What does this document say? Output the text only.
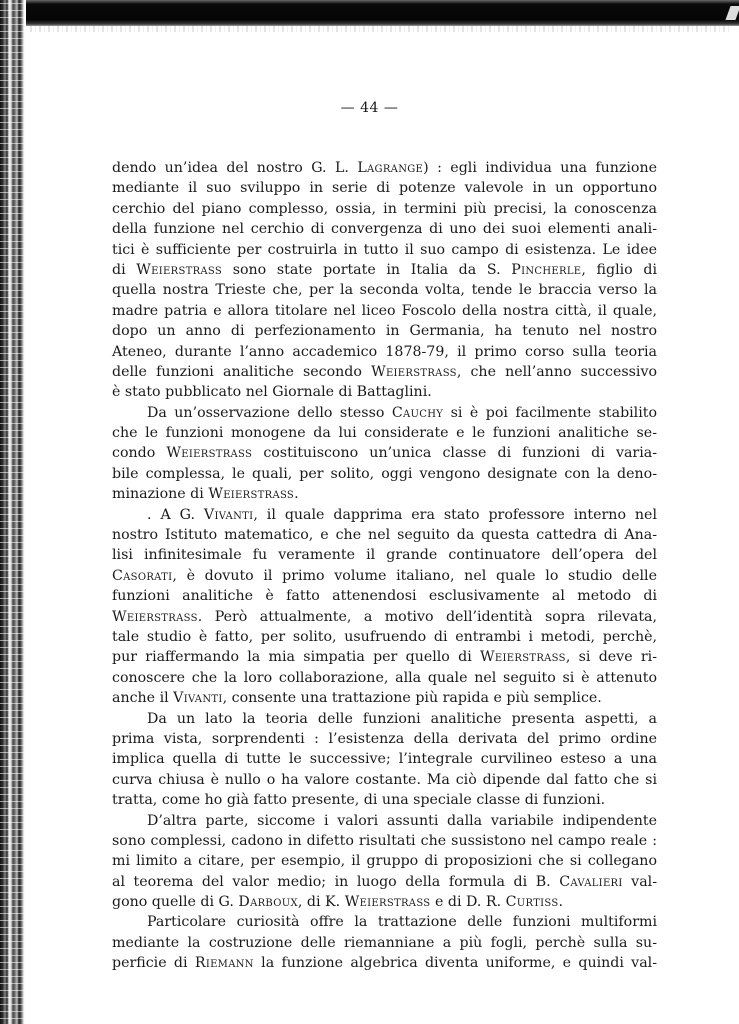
— 44 —
dendo un’idea del nostro G. L. Lagrange) : egli individua una funzione
mediante il suo sviluppo in serie di potenze valevole in un opportuno
cerchio del piano complesso, ossia, in termini più precisi, la conoscenza
della funzione nel cerchio di convergenza di uno dei suoi elementi anali-
tici è sufficiente per costruirla in tutto il suo campo di esistenza. Le idee
di Weierstrass sono state portate in Italia da S. Pincherle, figlio di
quella nostra Trieste che, per la seconda volta, tende le braccia verso la
madre patria e allora titolare nel liceo Foscolo della nostra città, il quale,
dopo un anno di perfezionamento in Germania, ha tenuto nel nostro
Ateneo, durante l’anno accademico 1878-79, il primo corso sulla teoria
delle funzioni analitiche secondo Weierstrass, che nell’anno successivo
è stato pubblicato nel Giornale di Battaglini.
Da un’osservazione dello stesso Cauchy si è poi facilmente stabilito
che le funzioni monogene da lui considerate e le funzioni analitiche se-
condo Weierstrass costituiscono un’unica classe di funzioni di varia-
bile complessa, le quali, per solito, oggi vengono designate con la deno-
minazione di Weierstrass.
. A G. Vivanti, il quale dapprima era stato professore interno nel
nostro Istituto matematico, e che nel seguito da questa cattedra di Ana-
lisi infinitesimale fu veramente il grande continuatore dell’opera del
Casorati, è dovuto il primo volume italiano, nel quale lo studio delle
funzioni analitiche è fatto attenendosi esclusivamente al metodo di
Weierstrass. Però attualmente, a motivo dell’identità sopra rilevata,
tale studio è fatto, per solito, usufruendo di entrambi i metodi, perchè,
pur riaffermando la mia simpatia per quello di Weierstrass, si deve ri-
conoscere che la loro collaborazione, alla quale nel seguito si è attenuto
anche il Vivanti, consente una trattazione più rapida e più semplice.
Da un lato la teoria delle funzioni analitiche presenta aspetti, a
prima vista, sorprendenti : l’esistenza della derivata del primo ordine
implica quella di tutte le successive; l’integrale curvilineo esteso a una
curva chiusa è nullo o ha valore costante. Ma ciò dipende dal fatto che si
tratta, come ho già fatto presente, di una speciale classe di funzioni.
D’altra parte, siccome i valori assunti dalla variabile indipendente
sono complessi, cadono in difetto risultati che sussistono nel campo reale :
mi limito a citare, per esempio, il gruppo di proposizioni che si collegano
al teorema del valor medio; in luogo della formula di B. Cavalieri val-
gono quelle di G. Darboux, di K. Weierstrass e di D. R. Curtiss.
Particolare curiosità offre la trattazione delle funzioni multiformi
mediante la costruzione delle riemanniane a più fogli, perchè sulla su-
perficie di Riemann la funzione algebrica diventa uniforme, e quindi val-
